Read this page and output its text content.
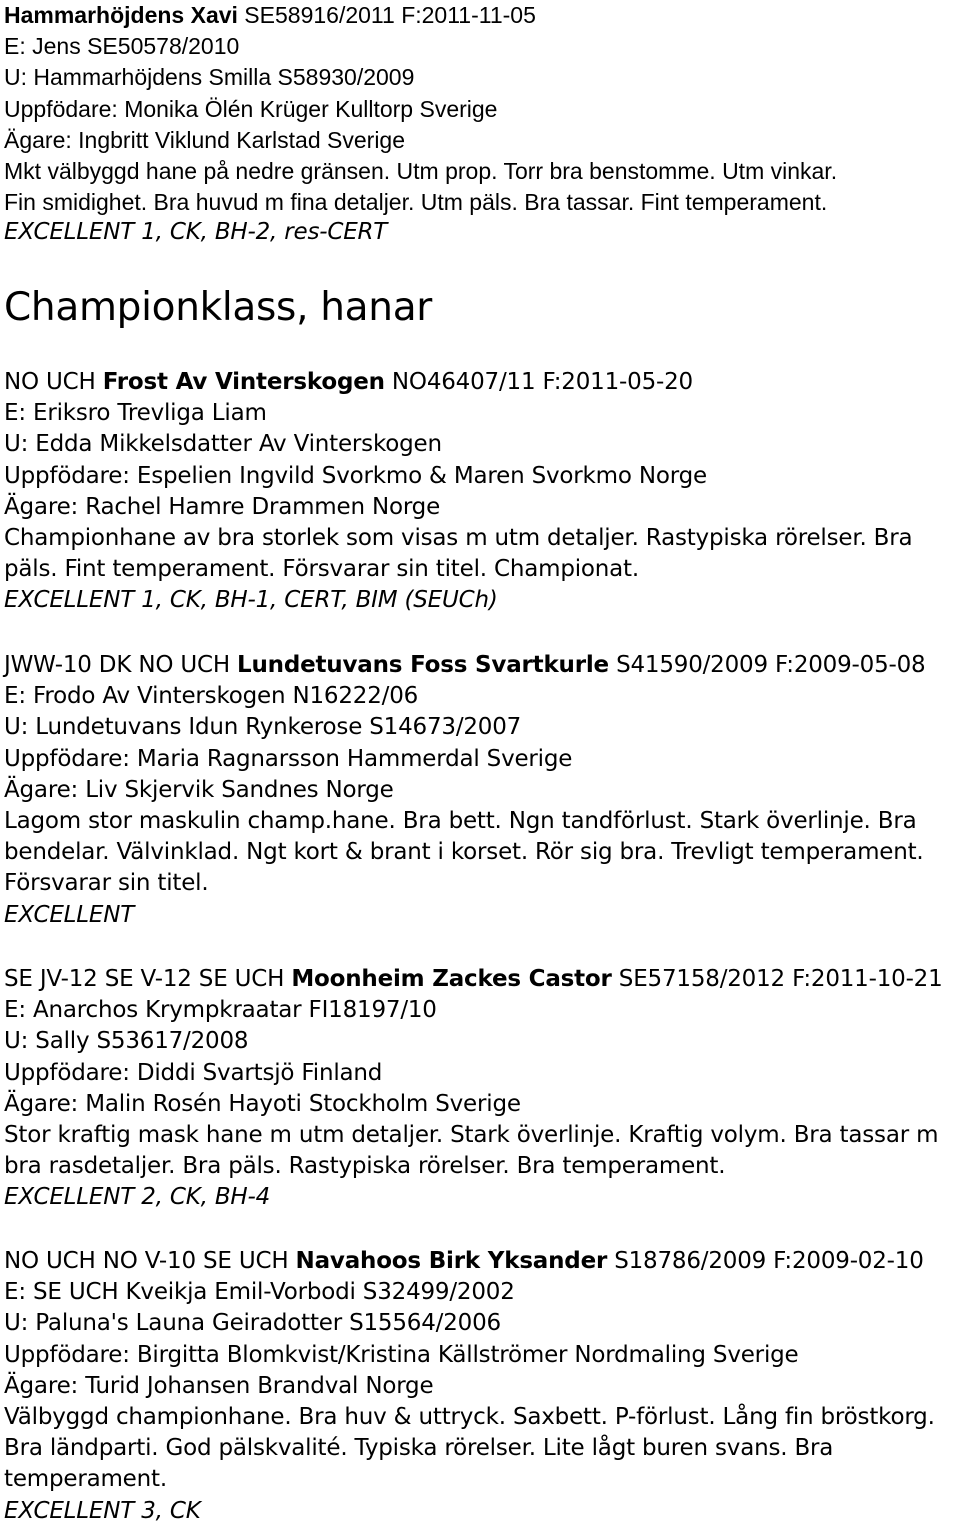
Hammarhöjdens Xavi SE58916/2011 F:2011-11-05
E: Jens SE50578/2010
U: Hammarhöjdens Smilla S58930/2009
Uppfödare: Monika Ölén Krüger Kulltorp Sverige
Ägare: Ingbritt Viklund Karlstad Sverige
Mkt välbyggd hane på nedre gränsen. Utm prop. Torr bra benstomme. Utm vinkar.
Fin smidighet. Bra huvud m fina detaljer. Utm päls. Bra tassar. Fint temperament.
EXCELLENT 1, CK, BH-2, res-CERT
Championklass, hanar
NO UCH Frost Av Vinterskogen NO46407/11 F:2011-05-20
E: Eriksro Trevliga Liam
U: Edda Mikkelsdatter Av Vinterskogen
Uppfödare: Espelien Ingvild Svorkmo & Maren Svorkmo Norge
Ägare: Rachel Hamre Drammen Norge
Championhane av bra storlek som visas m utm detaljer. Rastypiska rörelser. Bra
päls. Fint temperament. Försvarar sin titel. Championat.
EXCELLENT 1, CK, BH-1, CERT, BIM (SEUCh)
JWW-10 DK NO UCH Lundetuvans Foss Svartkurle S41590/2009 F:2009-05-08
E: Frodo Av Vinterskogen N16222/06
U: Lundetuvans Idun Rynkerose S14673/2007
Uppfödare: Maria Ragnarsson Hammerdal Sverige
Ägare: Liv Skjervik Sandnes Norge
Lagom stor maskulin champ.hane. Bra bett. Ngn tandförlust. Stark överlinje. Bra
bendelar. Välvinklad. Ngt kort & brant i korset. Rör sig bra. Trevligt temperament.
Försvarar sin titel.
EXCELLENT
SE JV-12 SE V-12 SE UCH Moonheim Zackes Castor SE57158/2012 F:2011-10-21
E: Anarchos Krympkraatar FI18197/10
U: Sally S53617/2008
Uppfödare: Diddi Svartsjö Finland
Ägare: Malin Rosén Hayoti Stockholm Sverige
Stor kraftig mask hane m utm detaljer. Stark överlinje. Kraftig volym. Bra tassar m
bra rasdetaljer. Bra päls. Rastypiska rörelser. Bra temperament.
EXCELLENT 2, CK, BH-4
NO UCH NO V-10 SE UCH Navahoos Birk Yksander S18786/2009 F:2009-02-10
E: SE UCH Kveikja Emil-Vorbodi S32499/2002
U: Paluna's Launa Geiradotter S15564/2006
Uppfödare: Birgitta Blomkvist/Kristina Källströmer Nordmaling Sverige
Ägare: Turid Johansen Brandval Norge
Välbyggd championhane. Bra huv & uttryck. Saxbett. P-förlust. Lång fin bröstkorg.
Bra ländparti. God pälskvalité. Typiska rörelser. Lite lågt buren svans. Bra
temperament.
EXCELLENT 3, CK
